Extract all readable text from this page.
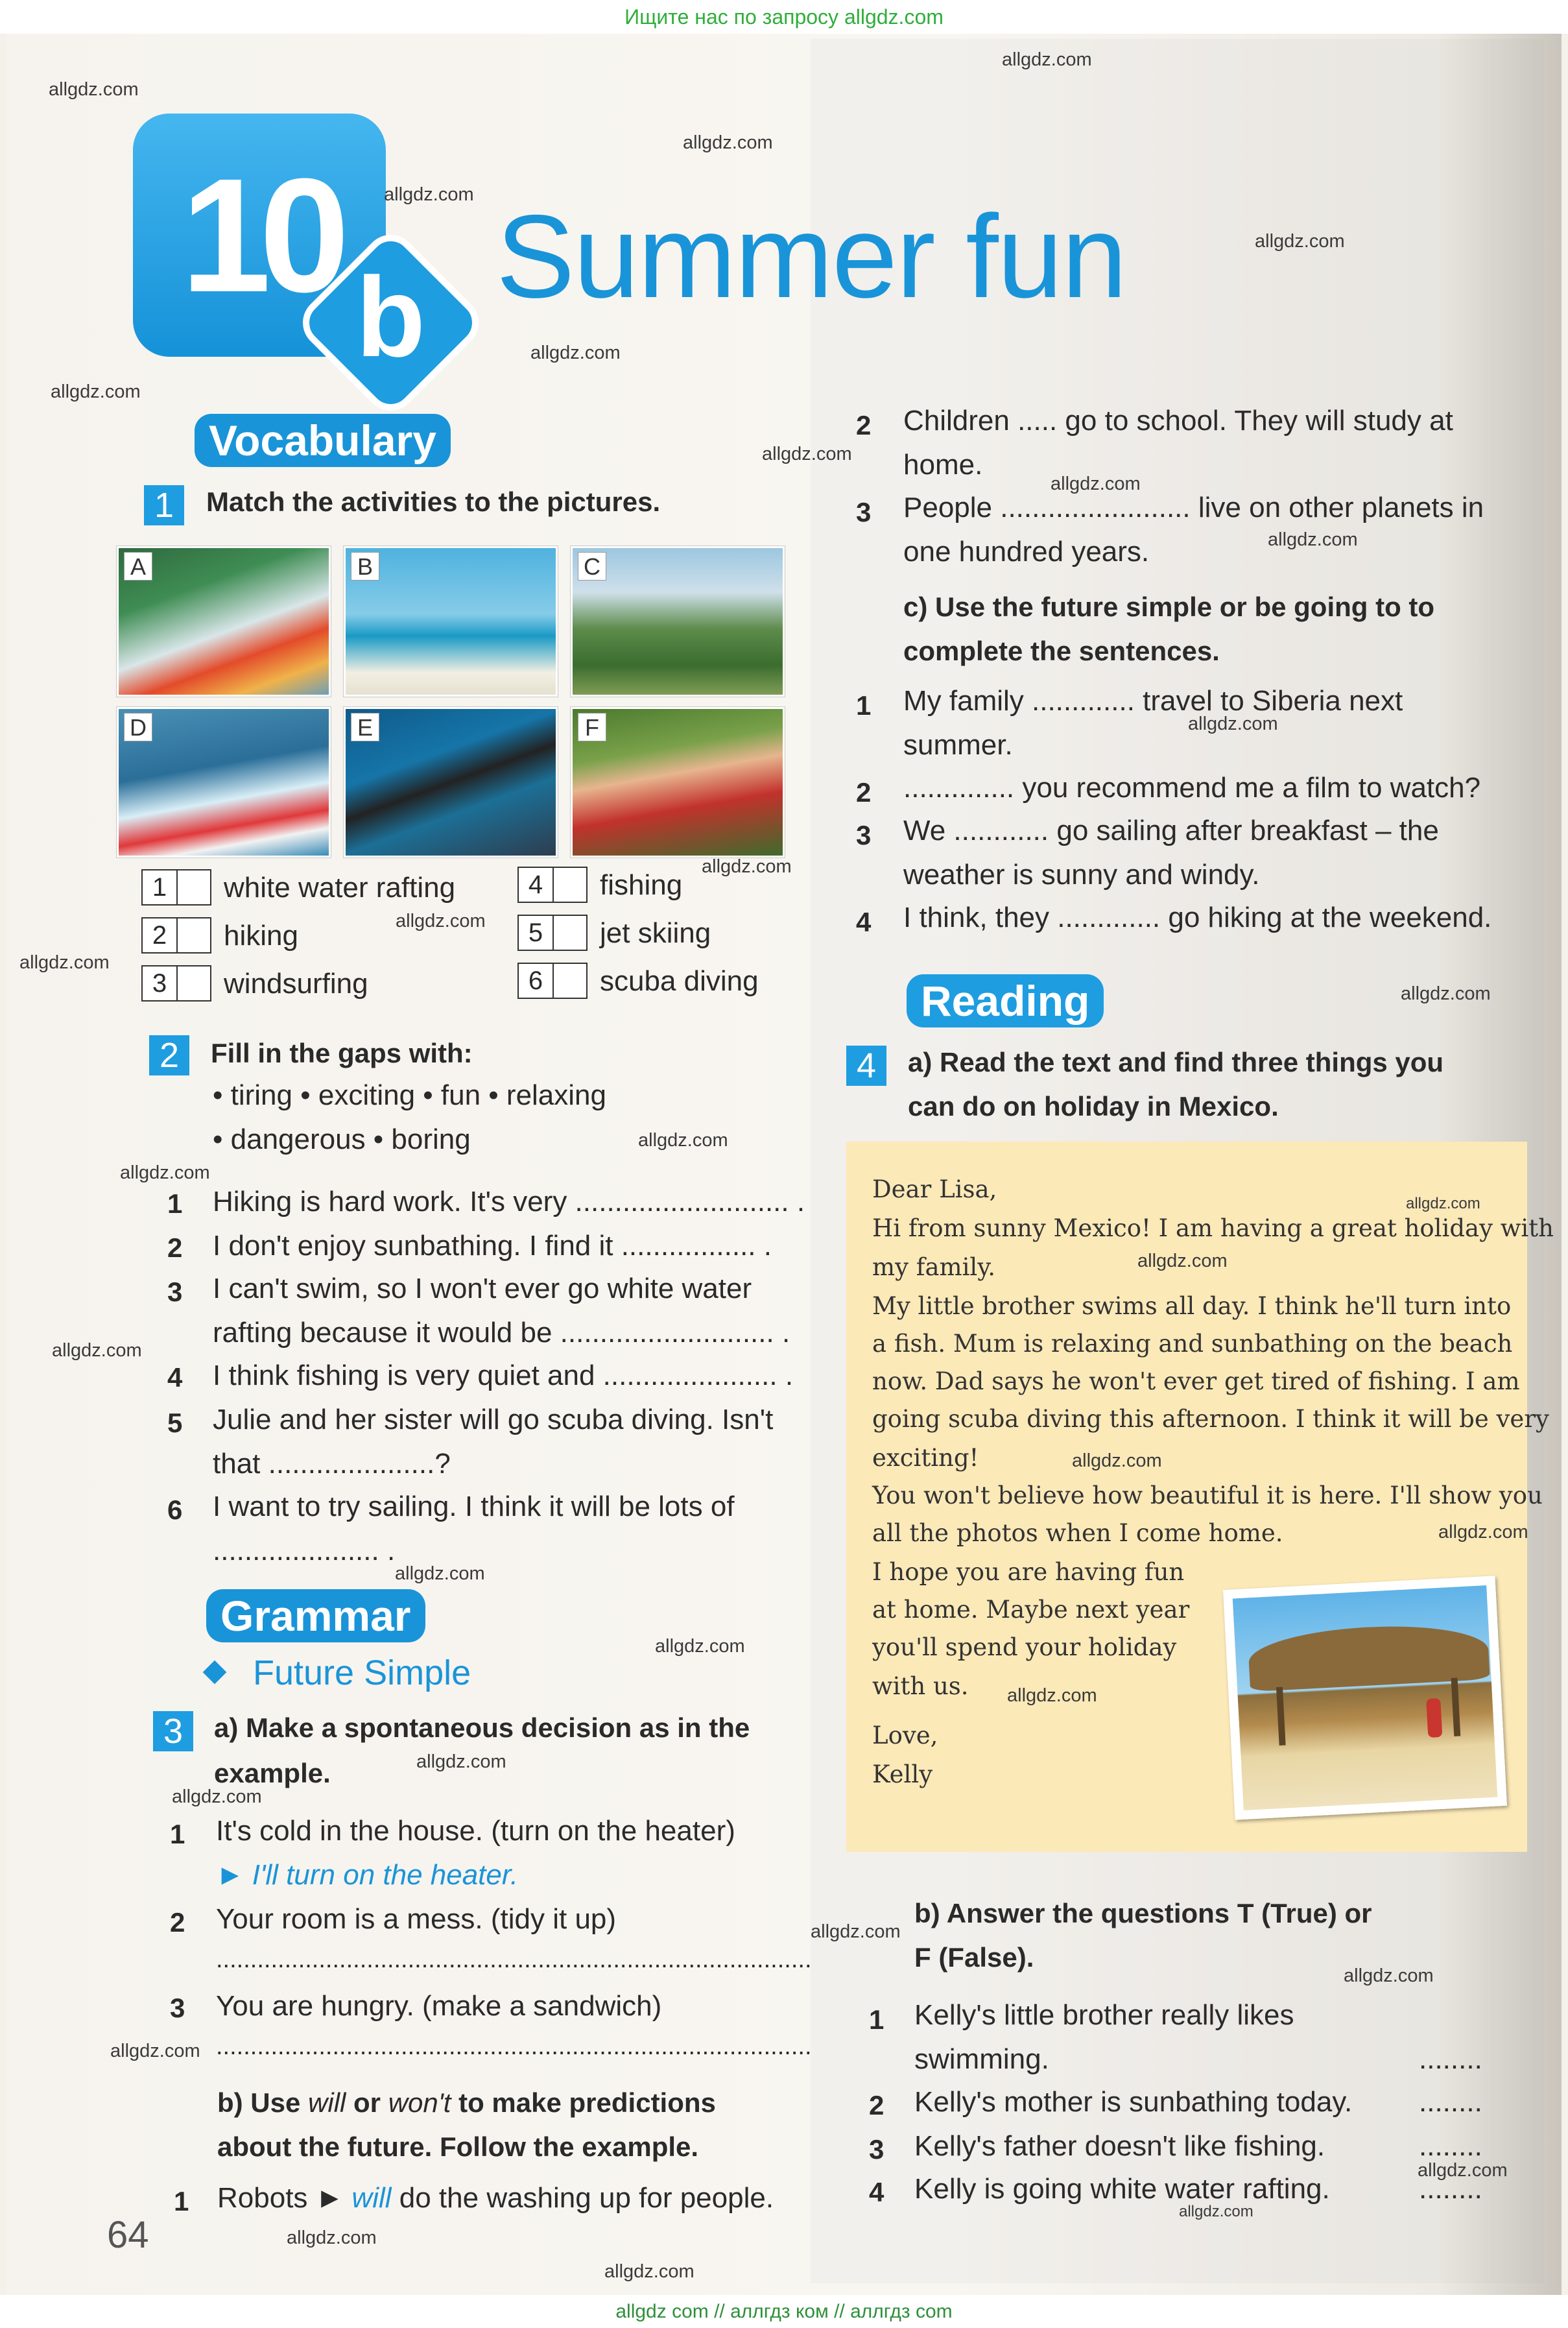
Ищите нас по запросу allgdz.com
10 b Summer fun
Vocabulary
1	Match the activities to the pictures.
A	B	C
D	E	F
1	white water rafting
2	hiking
3	windsurfing
4	fishing
5	jet skiing
6	scuba diving
2	Fill in the gaps with:
• tiring • exciting • fun • relaxing
• dangerous • boring
1 Hiking is hard work. It's very ........................... .
2 I don't enjoy sunbathing. I find it ................. .
3 I can't swim, so I won't ever go white water
rafting because it would be ........................... .
4 I think fishing is very quiet and ...................... .
5 Julie and her sister will go scuba diving. Isn't
that .....................?
6 I want to try sailing. I think it will be lots of
..................... .
Grammar
Future Simple
3	a) Make a spontaneous decision as in the
example.
1 It's cold in the house. (turn on the heater)
► I'll turn on the heater.
2 Your room is a mess. (tidy it up)
.......................................................................................
3 You are hungry. (make a sandwich)
.......................................................................................
b) Use will or won't to make predictions
about the future. Follow the example.
1 Robots ► will do the washing up for people.
64
2 Children ..... go to school. They will study at
home.
3 People ........................ live on other planets in
one hundred years.
c) Use the future simple or be going to to
complete the sentences.
1 My family ............. travel to Siberia next
summer.
2 .............. you recommend me a film to watch?
3 We ............ go sailing after breakfast – the
weather is sunny and windy.
4 I think, they ............. go hiking at the weekend.
Reading
4	a) Read the text and find three things you
can do on holiday in Mexico.
Dear Lisa,
Hi from sunny Mexico! I am having a great holiday with
my family.
My little brother swims all day. I think he'll turn into
a fish. Mum is relaxing and sunbathing on the beach
now. Dad says he won't ever get tired of fishing. I am
going scuba diving this afternoon. I think it will be very
exciting!
You won't believe how beautiful it is here. I'll show you
all the photos when I come home.
I hope you are having fun
at home. Maybe next year
you'll spend your holiday
with us.
Love,
Kelly
b) Answer the questions T (True) or
F (False).
1 Kelly's little brother really likes
swimming.	........
2 Kelly's mother is sunbathing today. ........
3 Kelly's father doesn't like fishing.	........
4 Kelly is going white water rafting.	........
allgdz.com
allgdz.com
allgdz.com
allgdz.com
allgdz.com
allgdz.com
allgdz.com
allgdz.com
allgdz.com
allgdz.com
allgdz.com
allgdz.com
allgdz.com
allgdz.com
allgdz.com
allgdz.com
allgdz.com
allgdz.com
allgdz.com
allgdz.com
allgdz.com
allgdz.com
allgdz.com
allgdz.com
allgdz.com
allgdz.com
allgdz.com
allgdz.com
allgdz.com
allgdz.com
allgdz.com
allgdz.com
allgdz.com
allgdz.com
allgdz com // аллгдз ком // аллгдз com
